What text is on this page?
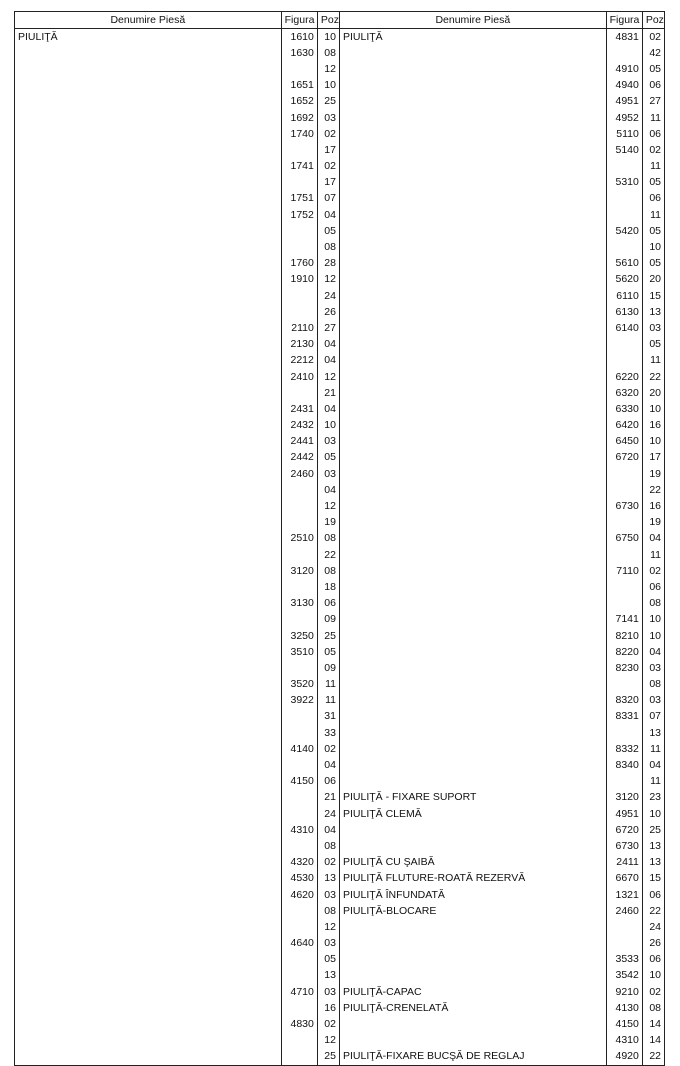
Denumire Piesă	Figura	Poz	Denumire Piesă	Figura	Poz
PIULIŢĂ	1610	10	PIULIŢĂ	4831	02
	1630	08			42
		12		4910	05
	1651	10		4940	06
	1652	25		4951	27
	1692	03		4952	11
	1740	02		5110	06
		17		5140	02
	1741	02			11
		17		5310	05
	1751	07			06
	1752	04			11
		05		5420	05
		08			10
	1760	28		5610	05
	1910	12		5620	20
		24		6110	15
		26		6130	13
	2110	27		6140	03
	2130	04			05
	2212	04			11
	2410	12		6220	22
		21		6320	20
	2431	04		6330	10
	2432	10		6420	16
	2441	03		6450	10
	2442	05		6720	17
	2460	03			19
		04			22
		12		6730	16
		19			19
	2510	08		6750	04
		22			11
	3120	08		7110	02
		18			06
	3130	06			08
		09		7141	10
	3250	25		8210	10
	3510	05		8220	04
		09		8230	03
	3520	11			08
	3922	11		8320	03
		31		8331	07
		33			13
	4140	02		8332	11
		04		8340	04
	4150	06			11
		21	PIULIŢĂ - FIXARE SUPORT	3120	23
		24	PIULIŢĂ CLEMĂ	4951	10
	4310	04		6720	25
		08		6730	13
	4320	02	PIULIŢĂ CU ŞAIBĂ	2411	13
	4530	13	PIULIŢĂ FLUTURE-ROATĂ REZERVĂ	6670	15
	4620	03	PIULIŢĂ ÎNFUNDATĂ	1321	06
		08	PIULIŢĂ-BLOCARE	2460	22
		12			24
	4640	03			26
		05		3533	06
		13		3542	10
	4710	03	PIULIŢĂ-CAPAC	9210	02
		16	PIULIŢĂ-CRENELATĂ	4130	08
	4830	02		4150	14
		12		4310	14
		25	PIULIŢĂ-FIXARE BUCŞĂ DE REGLAJ	4920	22
